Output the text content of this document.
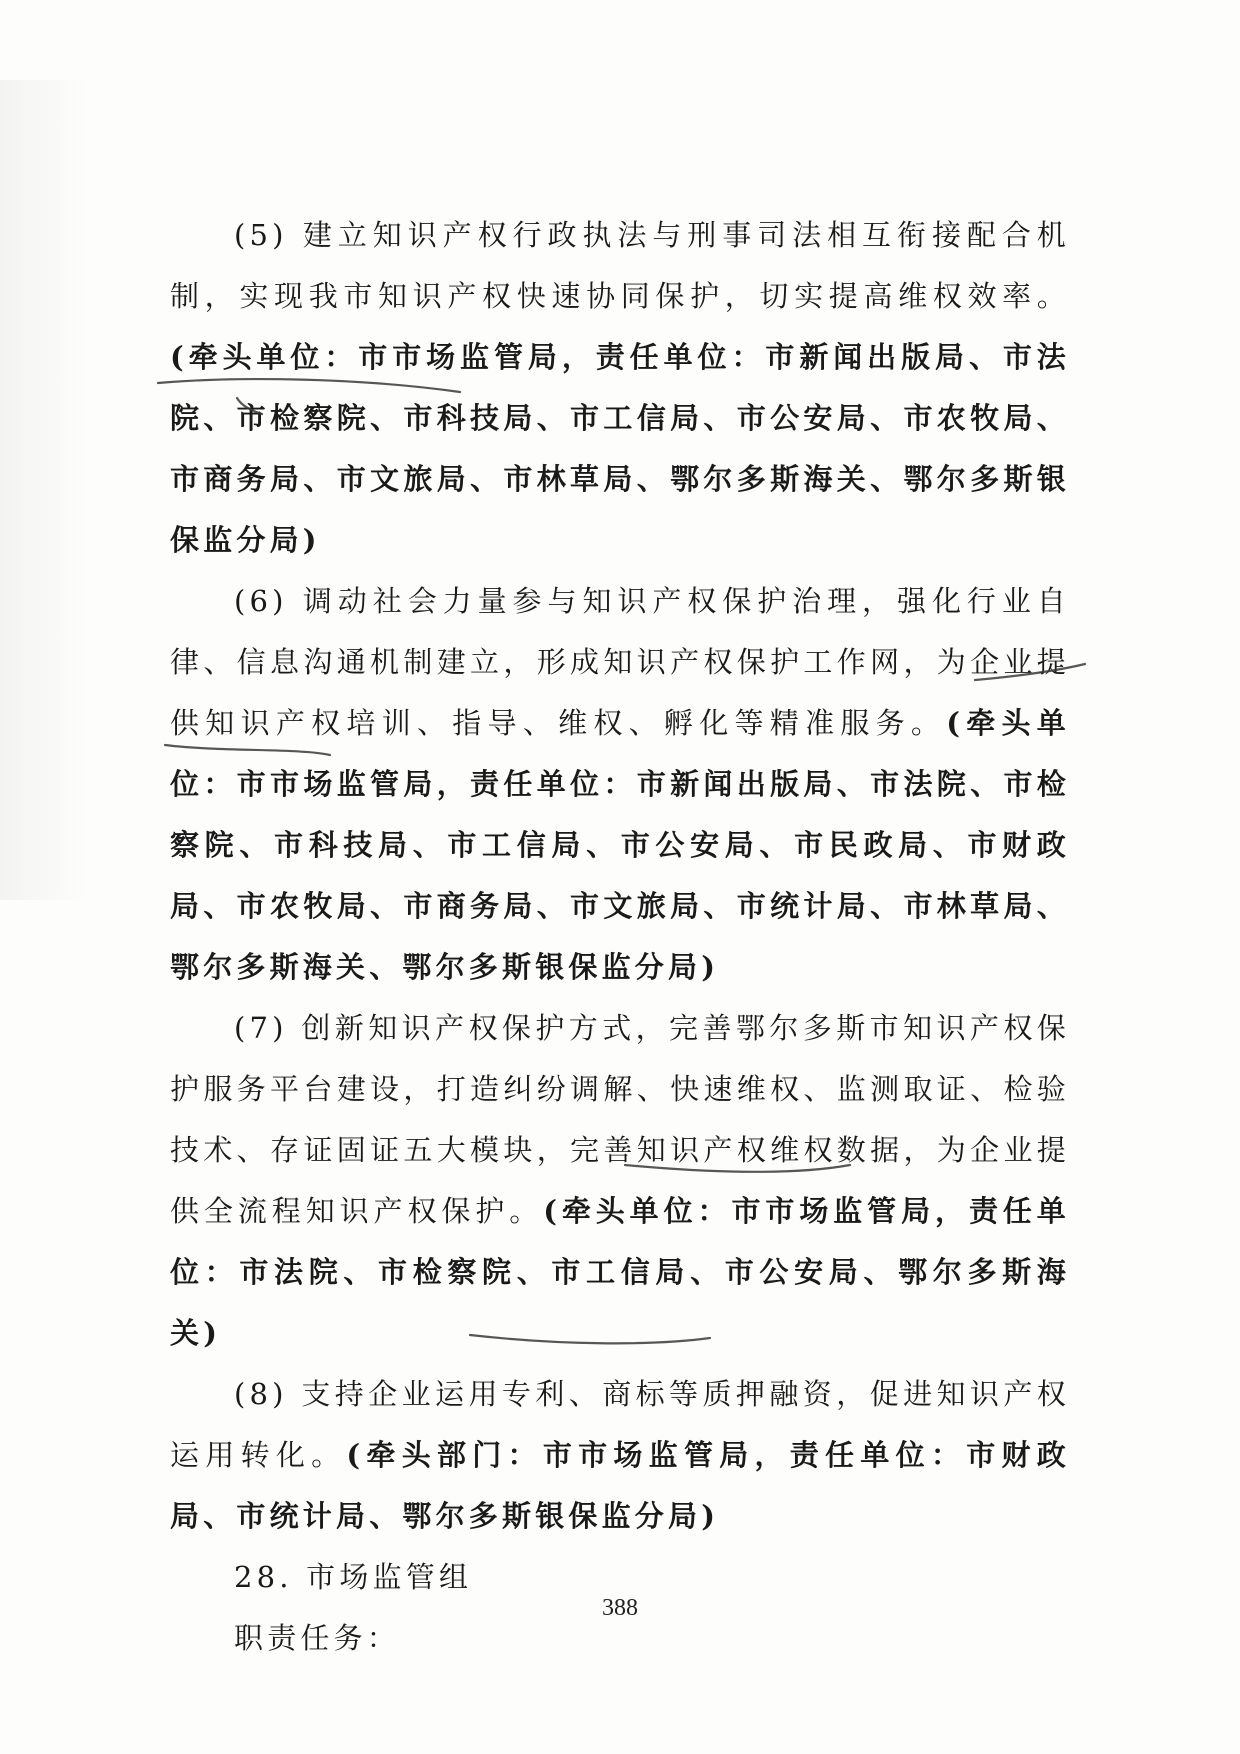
(5) 建立知识产权行政执法与刑事司法相互衔接配合机制，实现我市知识产权快速协同保护，切实提高维权效率。(牵头单位：市市场监管局，责任单位：市新闻出版局、市法院、市检察院、市科技局、市工信局、市公安局、市农牧局、市商务局、市文旅局、市林草局、鄂尔多斯海关、鄂尔多斯银保监分局)

(6) 调动社会力量参与知识产权保护治理，强化行业自律、信息沟通机制建立，形成知识产权保护工作网，为企业提供知识产权培训、指导、维权、孵化等精准服务。(牵头单位：市市场监管局，责任单位：市新闻出版局、市法院、市检察院、市科技局、市工信局、市公安局、市民政局、市财政局、市农牧局、市商务局、市文旅局、市统计局、市林草局、鄂尔多斯海关、鄂尔多斯银保监分局)

(7) 创新知识产权保护方式，完善鄂尔多斯市知识产权保护服务平台建设，打造纠纷调解、快速维权、监测取证、检验技术、存证固证五大模块，完善知识产权维权数据，为企业提供全流程知识产权保护。(牵头单位：市市场监管局，责任单位：市法院、市检察院、市工信局、市公安局、鄂尔多斯海关)

(8) 支持企业运用专利、商标等质押融资，促进知识产权运用转化。(牵头部门：市市场监管局，责任单位：市财政局、市统计局、鄂尔多斯银保监分局)

28. 市场监管组

职责任务：

388
